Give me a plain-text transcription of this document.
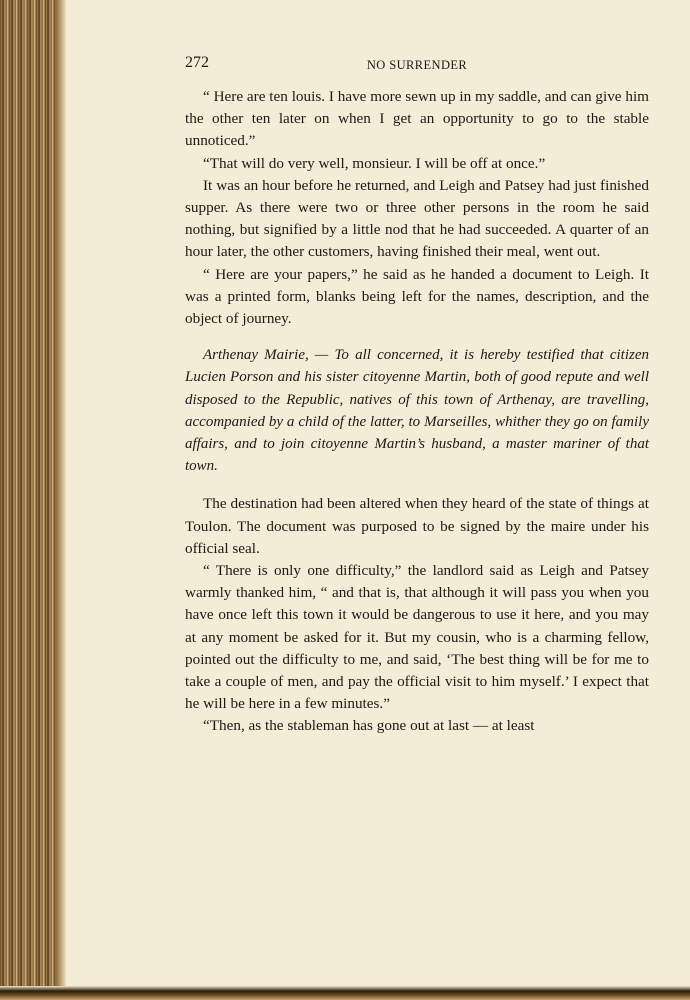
272	NO SURRENDER

“ Here are ten louis. I have more sewn up in my saddle, and can give him the other ten later on when I get an opportunity to go to the stable unnoticed.”

“That will do very well, monsieur. I will be off at once.”

It was an hour before he returned, and Leigh and Patsey had just finished supper. As there were two or three other persons in the room he said nothing, but signified by a little nod that he had succeeded. A quarter of an hour later, the other customers, having finished their meal, went out.

“ Here are your papers,” he said as he handed a document to Leigh. It was a printed form, blanks being left for the names, description, and the object of journey.

Arthenay Mairie, — To all concerned, it is hereby testified that citizen Lucien Porson and his sister citoyenne Martin, both of good repute and well disposed to the Republic, natives of this town of Arthenay, are travelling, accompanied by a child of the latter, to Marseilles, whither they go on family affairs, and to join citoyenne Martin’s husband, a master mariner of that town.

The destination had been altered when they heard of the state of things at Toulon. The document was purposed to be signed by the maire under his official seal.

“ There is only one difficulty,” the landlord said as Leigh and Patsey warmly thanked him, “ and that is, that although it will pass you when you have once left this town it would be dangerous to use it here, and you may at any moment be asked for it. But my cousin, who is a charming fellow, pointed out the difficulty to me, and said, ‘The best thing will be for me to take a couple of men, and pay the official visit to him myself.’ I expect that he will be here in a few minutes.”

“Then, as the stableman has gone out at last — at least
